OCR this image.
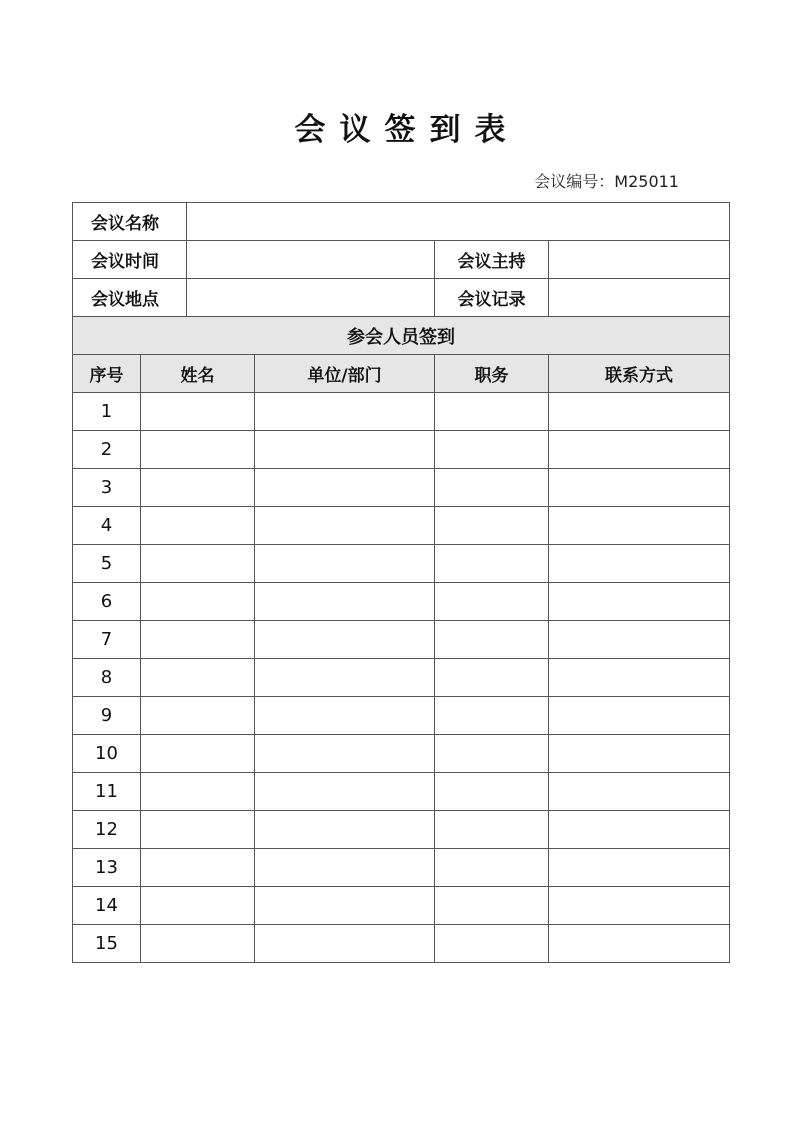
会议签到表
会议编号：M25011
会议名称					
会议时间				会议主持	
会议地点				会议记录	
参会人员签到					
序号	姓名		单位/部门	职务	联系方式
1					
2					
3					
4					
5					
6					
7					
8					
9					
10					
11					
12					
13					
14					
15					
